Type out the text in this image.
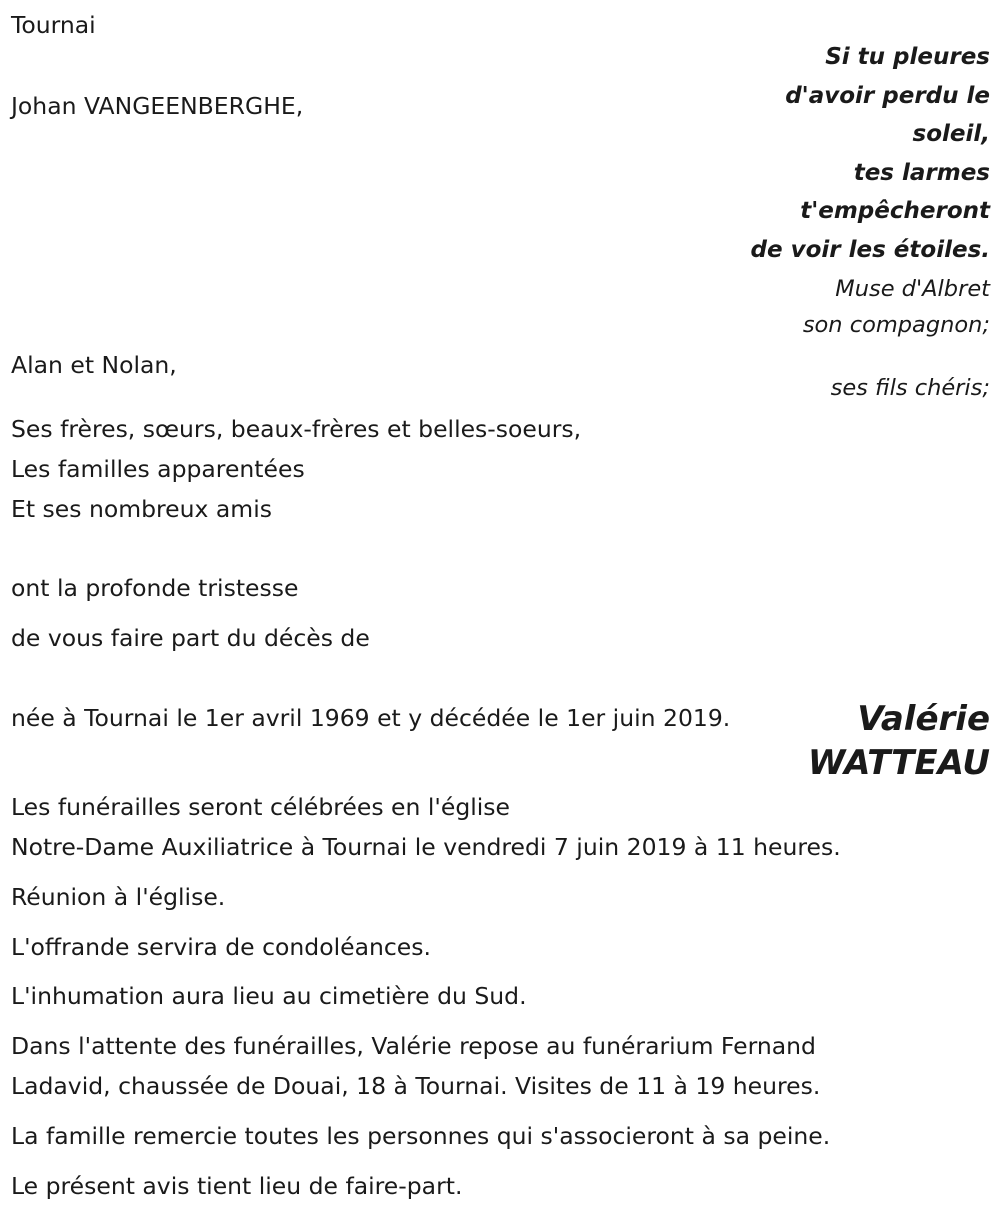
Tournai

Johan VANGEENBERGHE,

Si tu pleures
d'avoir perdu le
soleil,
tes larmes
t'empêcheront
de voir les étoiles.

Muse d'Albret

son compagnon;

Alan et Nolan,

ses fils chéris;

Ses frères, sœurs, beaux-frères et belles-soeurs,
Les familles apparentées
Et ses nombreux amis

ont la profonde tristesse

de vous faire part du décès de

Valérie
WATTEAU

née à Tournai le 1er avril 1969 et y décédée le 1er juin 2019.

Les funérailles seront célébrées en l'église

Notre-Dame Auxiliatrice à Tournai le vendredi 7 juin 2019 à 11 heures.

Réunion à l'église.

L'offrande servira de condoléances.

L'inhumation aura lieu au cimetière du Sud.

Dans l'attente des funérailles, Valérie repose au funérarium Fernand

Ladavid, chaussée de Douai, 18 à Tournai. Visites de 11 à 19 heures.

La famille remercie toutes les personnes qui s'associeront à sa peine.

Le présent avis tient lieu de faire-part.
